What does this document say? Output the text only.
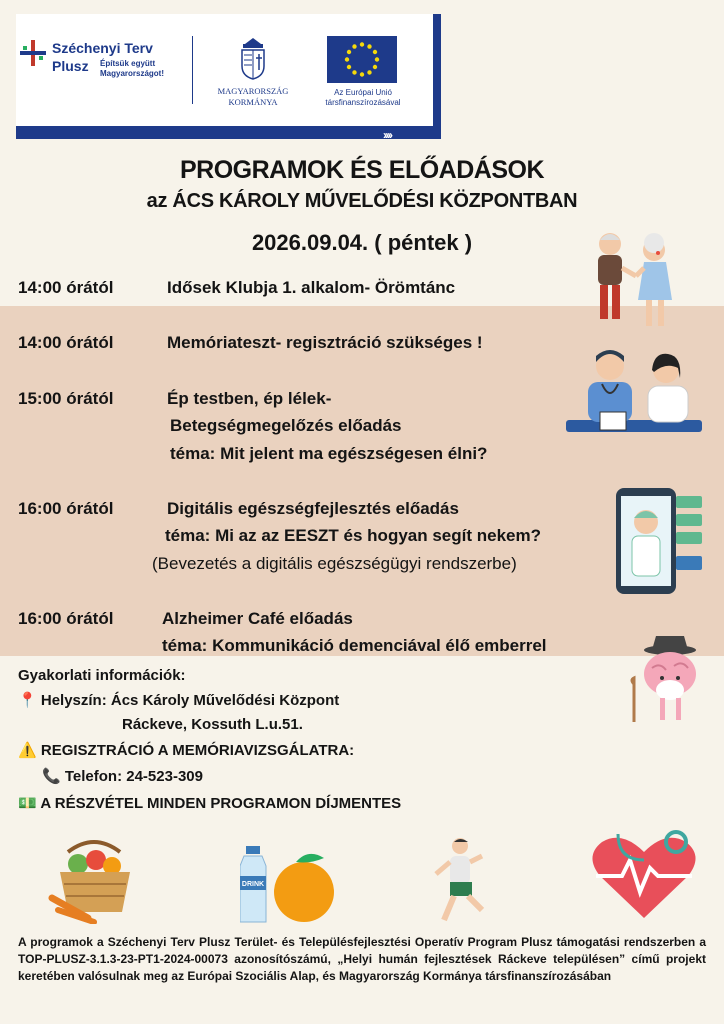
››››
Széchenyi Terv
Plusz Építsük együtt Magyarországot!
MAGYARORSZÁG
KORMÁNYA
Az Európai Unió
társfinanszírozásával
PROGRAMOK ÉS ELŐADÁSOK
az ÁCS KÁROLY MŰVELŐDÉSI KÖZPONTBAN
2026.09.04. ( péntek )
14:00 órától	Idősek Klubja 1. alkalom- Örömtánc
14:00 órától	Memóriateszt- regisztráció szükséges !
15:00 órától	Ép testben, ép lélek-
Betegségmegelőzés előadás
téma: Mit jelent ma egészségesen élni?
16:00 órától	Digitális egészségfejlesztés előadás
téma: Mi az az EESZT és hogyan segít nekem?
(Bevezetés a digitális egészségügyi rendszerbe)
16:00 órától	Alzheimer Café előadás
téma: Kommunikáció demenciával élő emberrel
Gyakorlati információk:
📍 Helyszín: Ács Károly Művelődési Központ
Ráckeve, Kossuth L.u.51.
⚠️ REGISZTRÁCIÓ A MEMÓRIAVIZSGÁLATRA:
📞 Telefon: 24-523-309
💵 A RÉSZVÉTEL MINDEN PROGRAMON DÍJMENTES
DRINK
A programok a Széchenyi Terv Plusz Terület- és Településfejlesztési Operatív Program Plusz támogatási rendszerben a TOP-PLUSZ-3.1.3-23-PT1-2024-00073 azonosítószámú, „Helyi humán fejlesztések Ráckeve településen” című projekt keretében valósulnak meg az Európai Szociális Alap, és Magyarország Kormánya társfinanszírozásában
